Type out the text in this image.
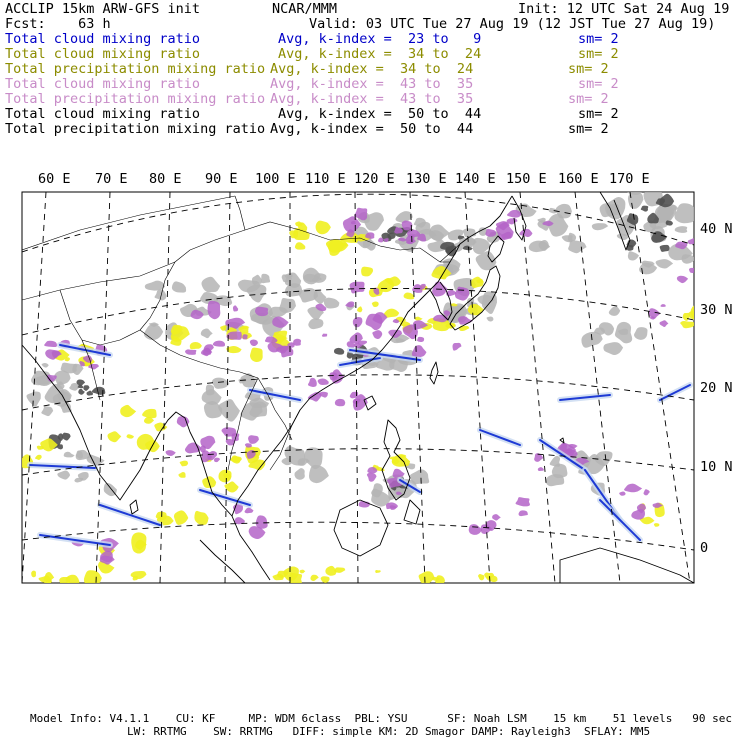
ACCLIP 15km ARW-GFS init	NCAR/MMM	Init: 12 UTC Sat 24 Aug 19
Fcst:    63 h	Valid: 03 UTC Tue 27 Aug 19 (12 JST Tue 27 Aug 19)
Total cloud mixing ratio	Avg, k-index =  23 to   9	sm= 2
Total cloud mixing ratio	Avg, k-index =  34 to  24	sm= 2
Total precipitation mixing ratio Avg, k-index =  34 to  24	sm= 2
Total cloud mixing ratio	Avg, k-index =  43 to  35	sm= 2
Total precipitation mixing ratio Avg, k-index =  43 to  35	sm= 2
Total cloud mixing ratio	Avg, k-index =  50 to  44	sm= 2
Total precipitation mixing ratio Avg, k-index =  50 to  44	sm= 2
60 E 70 E 80 E 90 E 100 E 110 E 120 E 130 E 140 E 150 E 160 E 170 E
40 N
30 N
20 N
10 N
0
Model Info: V4.1.1    CU: KF     MP: WDM 6class  PBL: YSU      SF: Noah LSM    15 km    51 levels   90 sec
LW: RRTMG    SW: RRTMG   DIFF: simple KM: 2D Smagor DAMP: Rayleigh3  SFLAY: MM5
